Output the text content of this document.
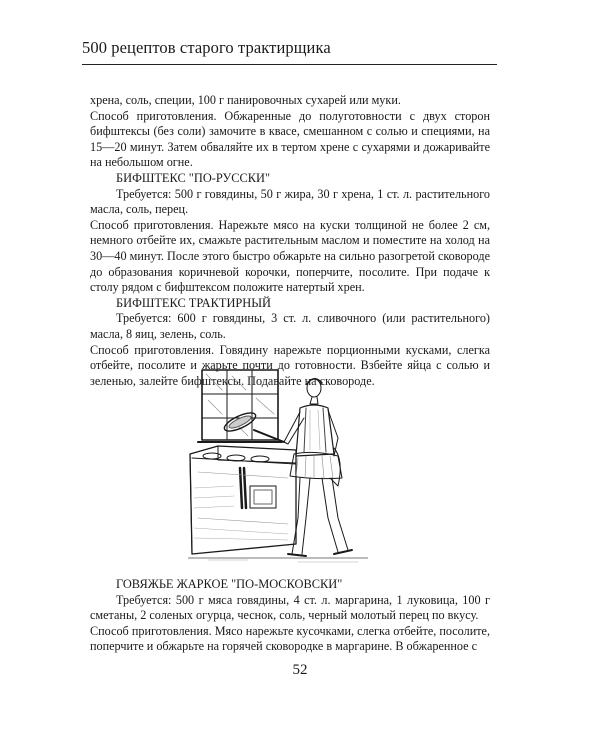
500 рецептов старого трактирщика

хрена, соль, специи, 100 г панировочных сухарей или муки.

Способ приготовления. Обжаренные до полуготовности с двух сторон бифштексы (без соли) замочите в квасе, смешанном с солью и специями, на 15—20 минут. Затем обваляйте их в тертом хрене с сухарями и дожаривайте на небольшом огне.

БИФШТЕКС "ПО-РУССКИ"

Требуется: 500 г говядины, 50 г жира, 30 г хрена, 1 ст. л. растительного масла, соль, перец.

Способ приготовления. Нарежьте мясо на куски толщиной не более 2 см, немного отбейте их, смажьте растительным маслом и поместите на холод на 30—40 минут. После этого быстро обжарьте на сильно разогретой сковороде до образования коричневой корочки, поперчите, посолите. При подаче к столу рядом с бифштексом положите натертый хрен.

БИФШТЕКС ТРАКТИРНЫЙ

Требуется: 600 г говядины, 3 ст. л. сливочного (или растительного) масла, 8 яиц, зелень, соль.

Способ приготовления. Говядину нарежьте порционными кусками, слегка отбейте, посолите и жарьте почти до готовности. Взбейте яйца с солью и зеленью, залейте бифштексы. Подавайте на сковороде.

ГОВЯЖЬЕ ЖАРКОЕ "ПО-МОСКОВСКИ"

Требуется: 500 г мяса говядины, 4 ст. л. маргарина, 1 луковица, 100 г сметаны, 2 соленых огурца, чеснок, соль, черный молотый перец по вкусу.

Способ приготовления. Мясо нарежьте кусочками, слегка отбейте, посолите, поперчите и обжарьте на горячей сковородке в маргарине. В обжаренное с

52
